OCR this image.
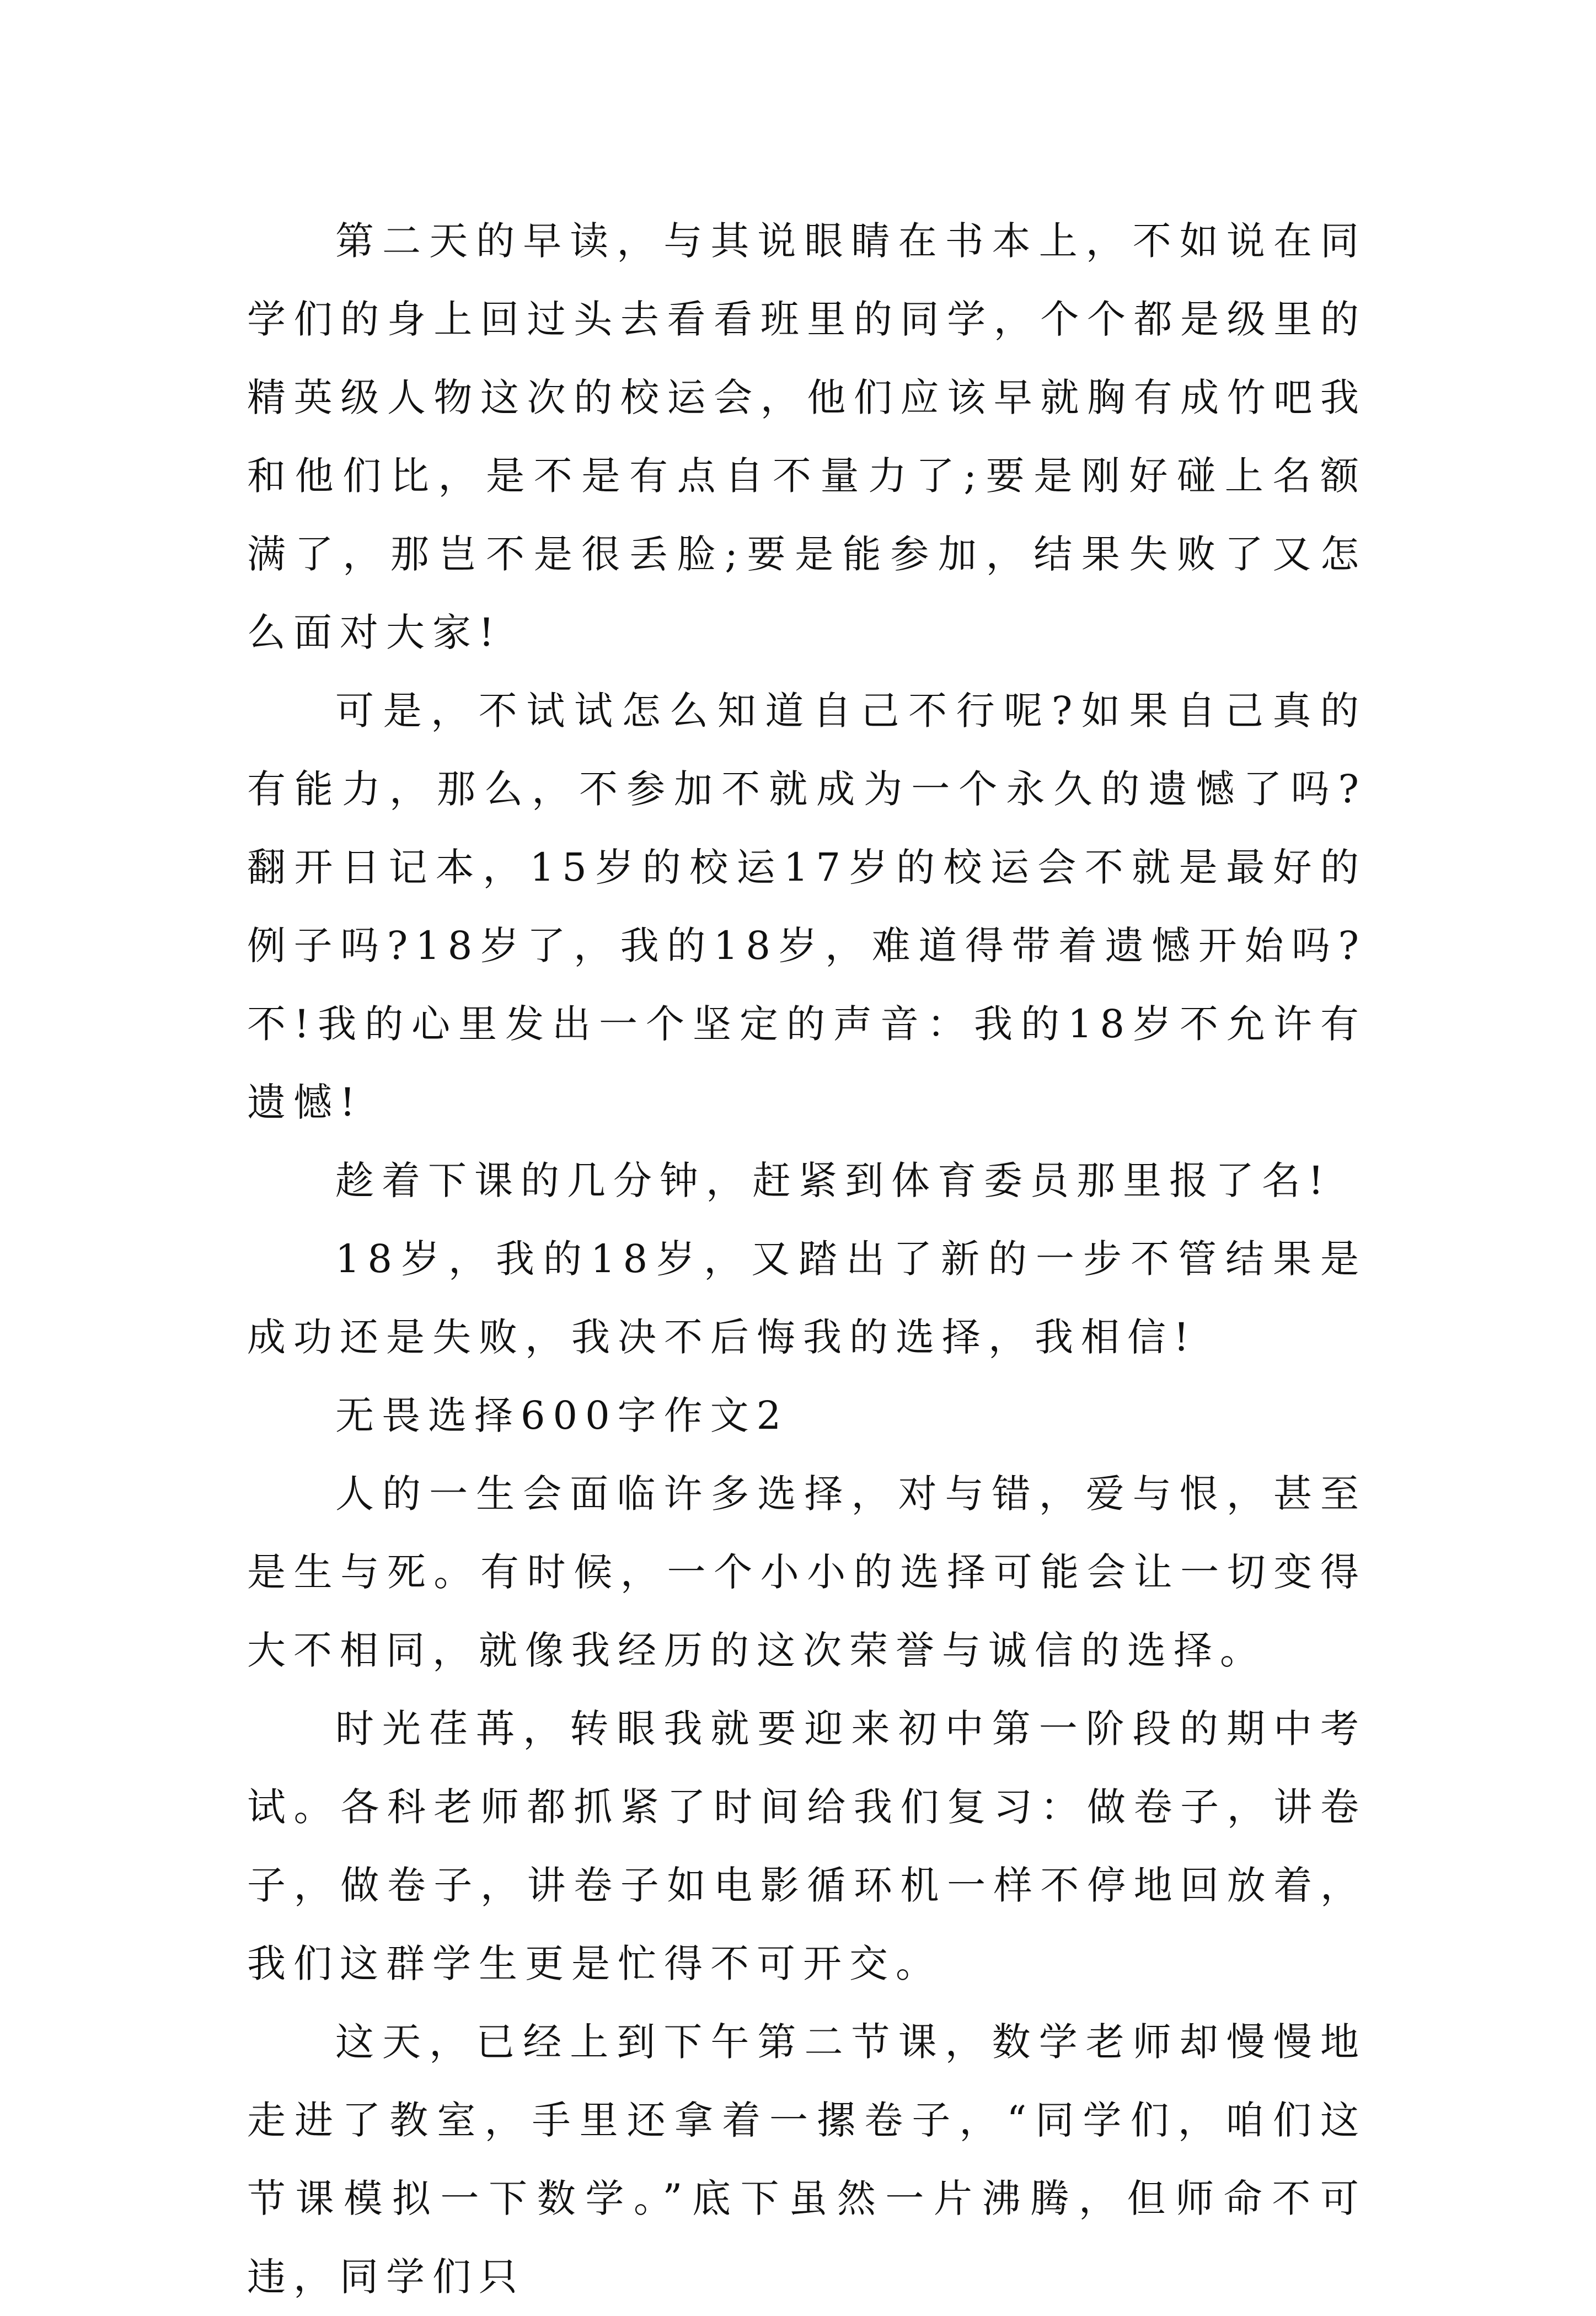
第二天的早读，与其说眼睛在书本上，不如说在同学们的身上回过头去看看班里的同学，个个都是级里的精英级人物这次的校运会，他们应该早就胸有成竹吧我和他们比，是不是有点自不量力了;要是刚好碰上名额满了，那岂不是很丢脸;要是能参加，结果失败了又怎么面对大家!

可是，不试试怎么知道自己不行呢?如果自己真的有能力，那么，不参加不就成为一个永久的遗憾了吗?翻开日记本，15岁的校运17岁的校运会不就是最好的例子吗?18岁了，我的18岁，难道得带着遗憾开始吗?不!我的心里发出一个坚定的声音：我的18岁不允许有遗憾!

趁着下课的几分钟，赶紧到体育委员那里报了名!

18岁，我的18岁，又踏出了新的一步不管结果是成功还是失败，我决不后悔我的选择，我相信!

无畏选择600字作文2

人的一生会面临许多选择，对与错，爱与恨，甚至是生与死。有时候，一个小小的选择可能会让一切变得大不相同，就像我经历的这次荣誉与诚信的选择。

时光荏苒，转眼我就要迎来初中第一阶段的期中考试。各科老师都抓紧了时间给我们复习：做卷子，讲卷子，做卷子，讲卷子如电影循环机一样不停地回放着，我们这群学生更是忙得不可开交。

这天，已经上到下午第二节课，数学老师却慢慢地走进了教室，手里还拿着一摞卷子，“同学们，咱们这节课模拟一下数学。”底下虽然一片沸腾，但师命不可违，同学们只
